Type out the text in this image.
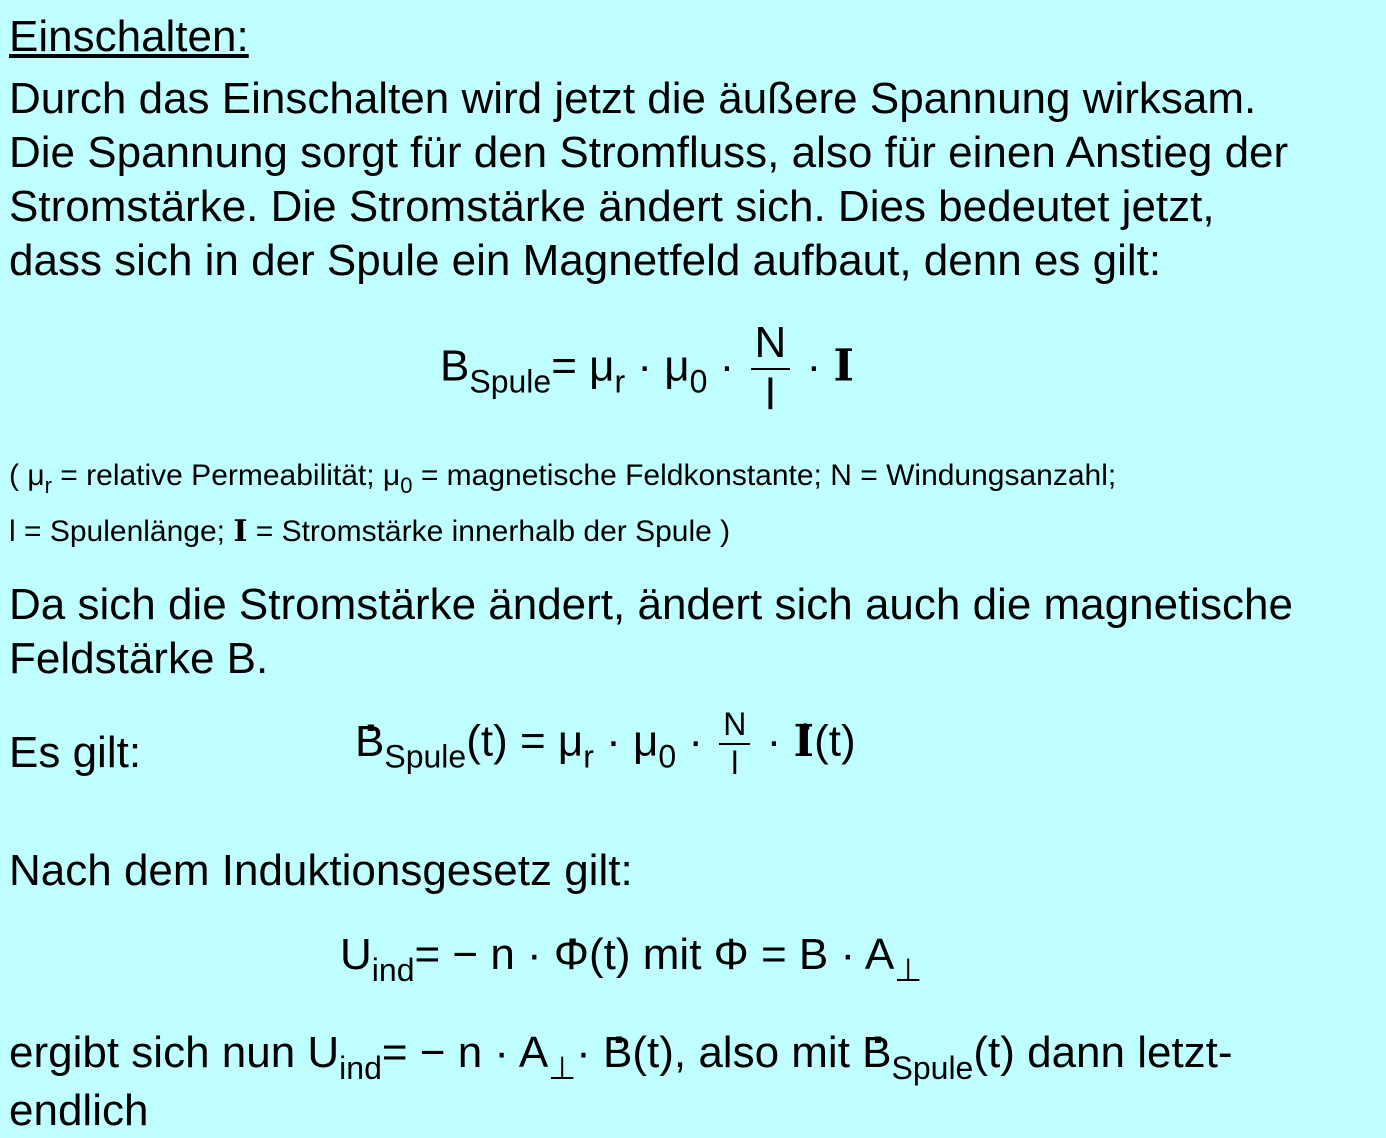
Einschalten:
Durch das Einschalten wird jetzt die äußere Spannung wirksam.
Die Spannung sorgt für den Stromfluss, also für einen Anstieg der
Stromstärke. Die Stromstärke ändert sich. Dies bedeutet jetzt,
dass sich in der Spule ein Magnetfeld aufbaut, denn es gilt:
$B_{Spule}= \mu_r \cdot \mu_0 \cdot \frac{N}{l} \cdot I$
( $\mu_r$ = relative Permeabilität; $\mu_0$ = magnetische Feldkonstante; N = Windungsanzahl;
l = Spulenlänge; I = Stromstärke innerhalb der Spule )
Da sich die Stromstärke ändert, ändert sich auch die magnetische
Feldstärke B.
Es gilt:	. $B_{Spule}(t) = \mu_r \cdot \mu_0 \cdot \frac{N}{l}$ · . I(t)
Nach dem Induktionsgesetz gilt:
$U_{ind}= - n$ · . Φ(t) mit $\Phi = B \cdot A_\perp$
ergibt sich nun $U_{ind}= - n \cdot A_\perp\cdot$ . B(t), also mit . $B_{Spule}(t)$ dann letzt-
endlich
